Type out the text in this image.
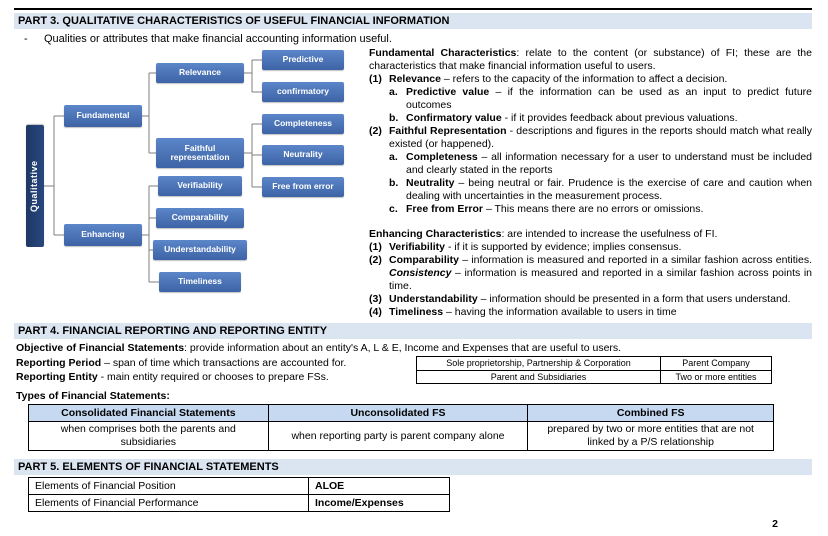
PART 3. QUALITATIVE CHARACTERISTICS OF USEFUL FINANCIAL INFORMATION
-	Qualities or attributes that make financial accounting information useful.
Qualitative
Fundamental
Enhancing
Relevance
Faithful representation
Verifiability
Comparability
Understandability
Timeliness
Predictive
confirmatory
Completeness
Neutrality
Free from error
Fundamental Characteristics: relate to the content (or substance) of FI; these are the characteristics that make financial information useful to users.
(1) Relevance – refers to the capacity of the information to affect a decision.
a. Predictive value – if the information can be used as an input to predict future outcomes
b. Confirmatory value - if it provides feedback about previous valuations.
(2) Faithful Representation - descriptions and figures in the reports should match what really existed (or happened).
a. Completeness – all information necessary for a user to understand must be included and clearly stated in the reports
b. Neutrality – being neutral or fair. Prudence is the exercise of care and caution when dealing with uncertainties in the measurement process.
c. Free from Error – This means there are no errors or omissions.
Enhancing Characteristics: are intended to increase the usefulness of FI.
(1) Verifiability - if it is supported by evidence; implies consensus.
(2) Comparability – information is measured and reported in a similar fashion across entities. Consistency – information is measured and reported in a similar fashion across points in time.
(3) Understandability – information should be presented in a form that users understand.
(4) Timeliness – having the information available to users in time
PART 4. FINANCIAL REPORTING AND REPORTING ENTITY
Objective of Financial Statements: provide information about an entity's A, L & E, Income and Expenses that are useful to users.
Reporting Period – span of time which transactions are accounted for.
Reporting Entity - main entity required or chooses to prepare FSs.
Sole proprietorship, Partnership & Corporation	Parent Company
Parent and Subsidiaries	Two or more entities
Types of Financial Statements:
Consolidated Financial Statements	Unconsolidated FS	Combined FS
when comprises both the parents and subsidiaries	when reporting party is parent company alone	prepared by two or more entities that are not linked by a P/S relationship
PART 5. ELEMENTS OF FINANCIAL STATEMENTS
Elements of Financial Position	ALOE
Elements of Financial Performance	Income/Expenses
2
